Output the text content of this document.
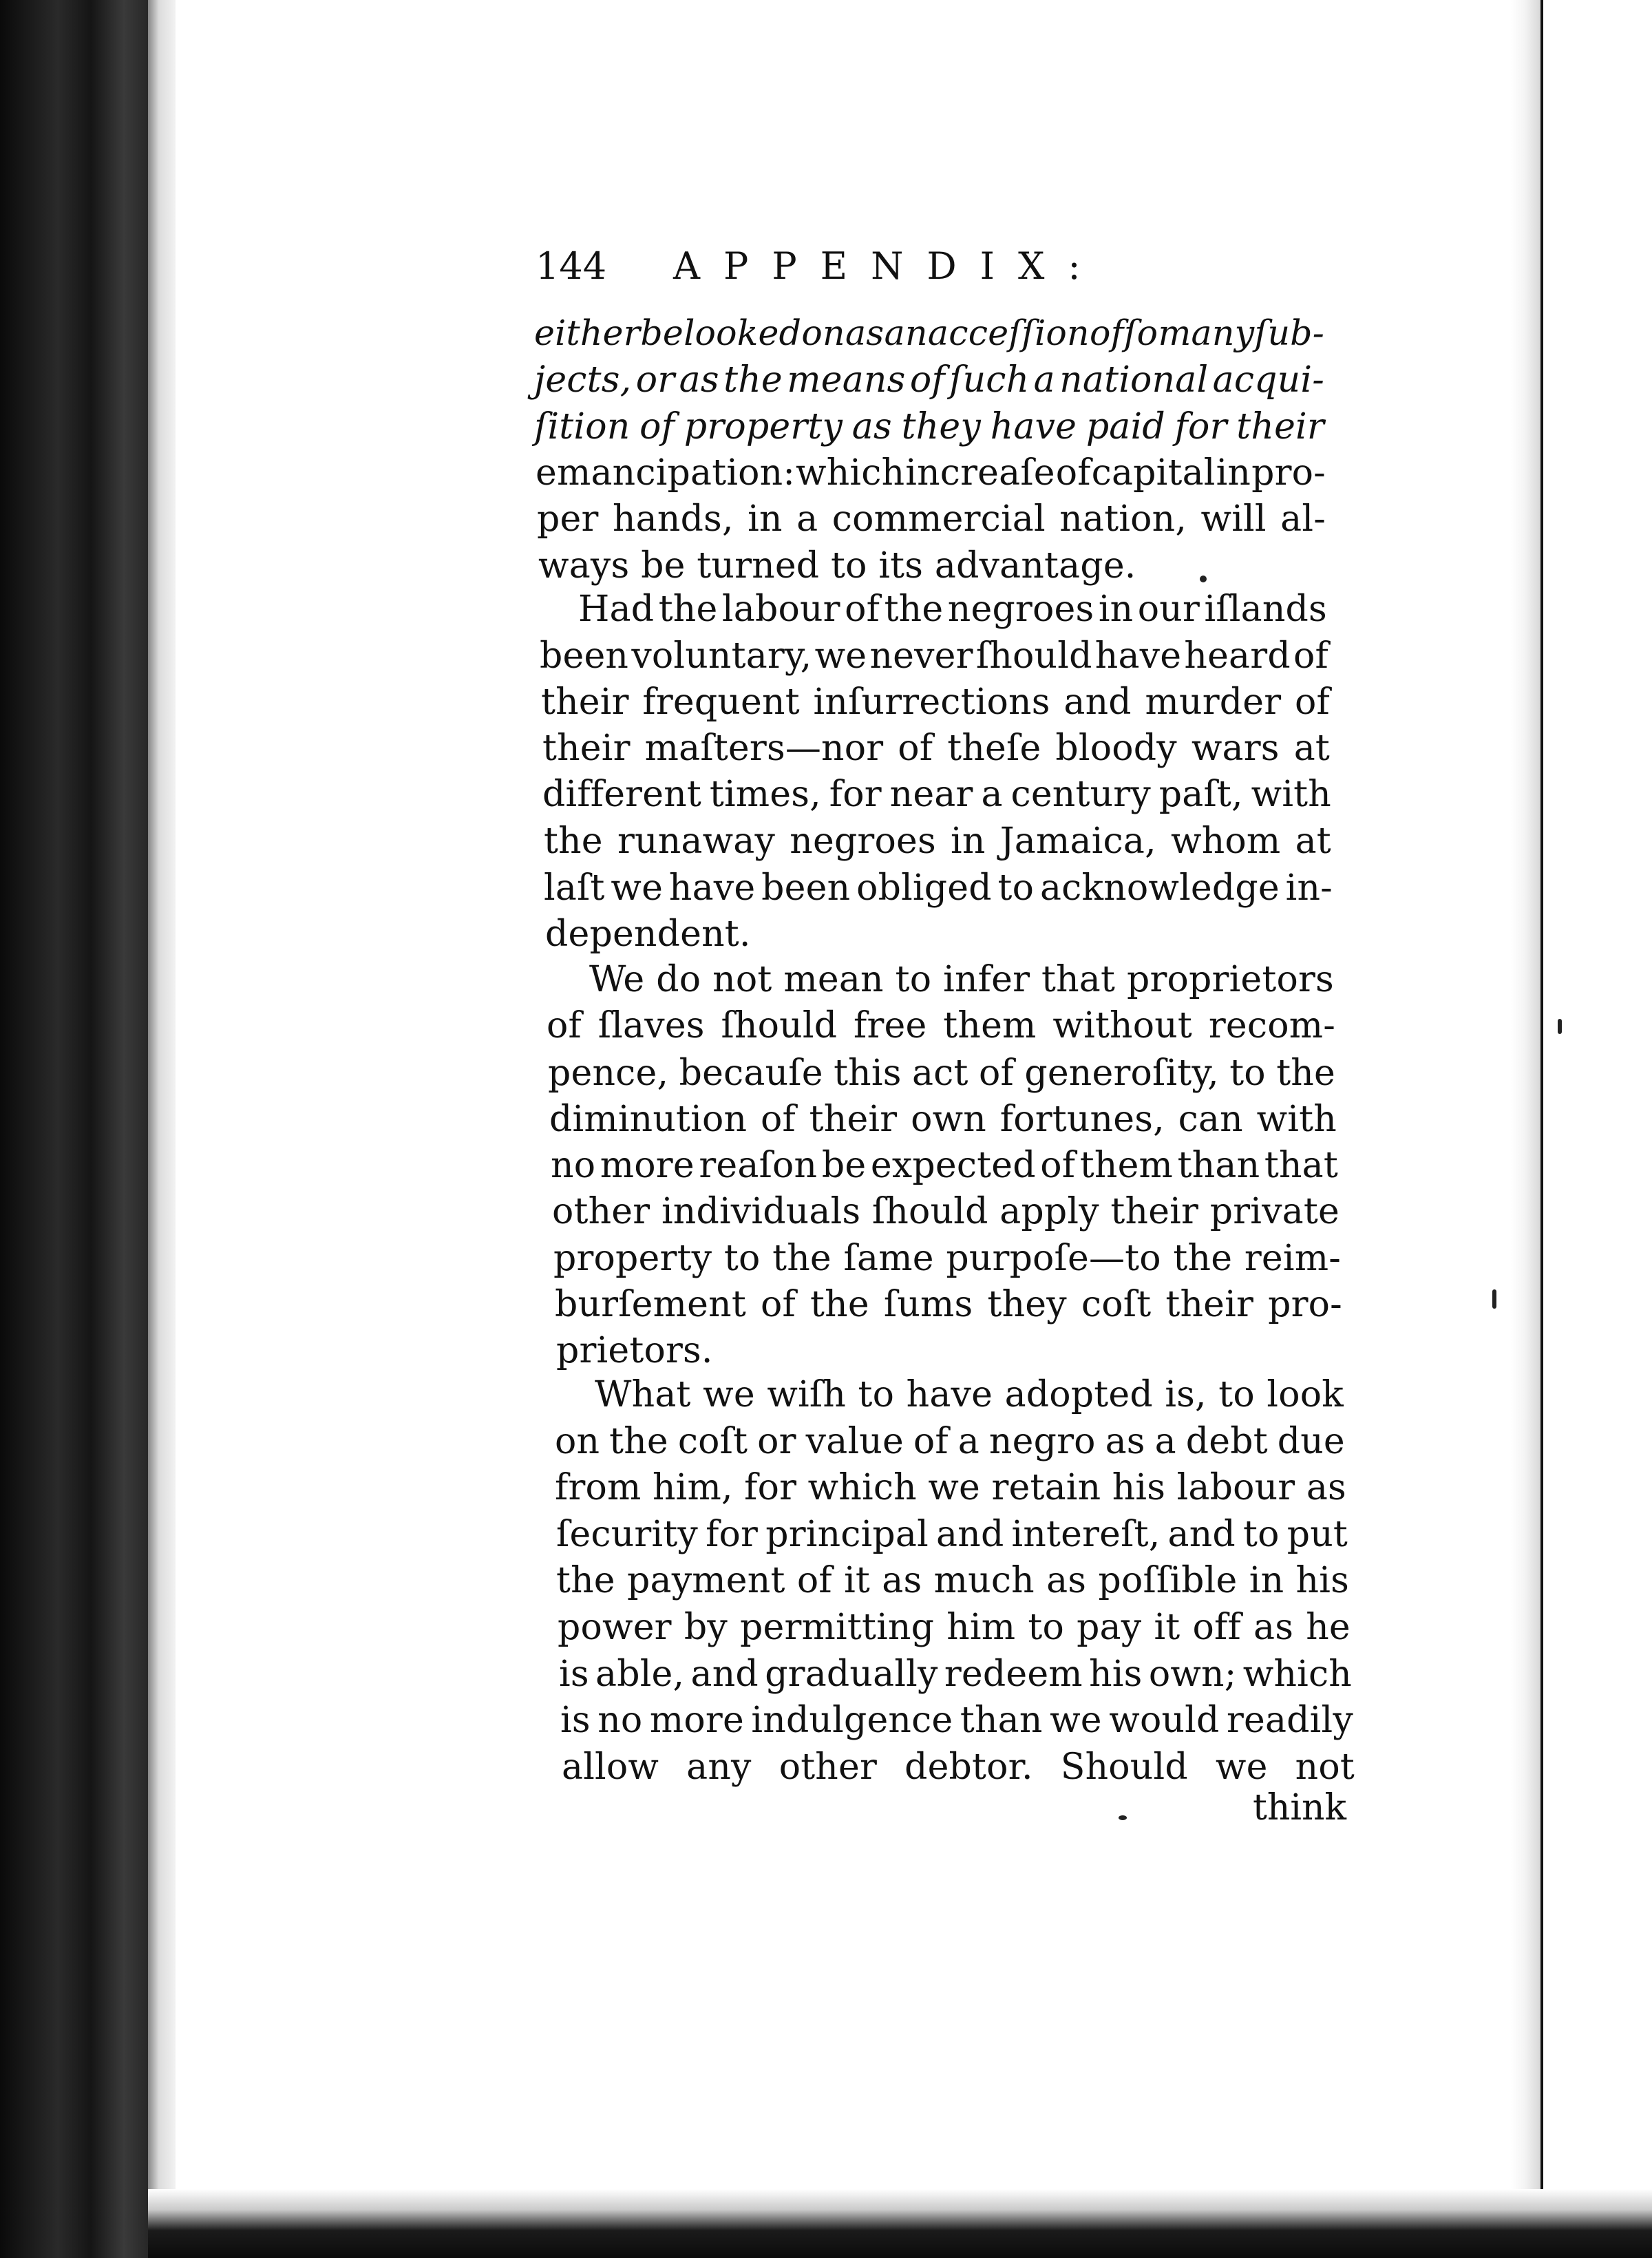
144 APPENDIX:
either be looked on as an acceſſion of ſo many ſub-
jects, or as the means of ſuch a national acqui-
ſition of property as they have paid for their
emancipation: which increaſe of capital in pro-
per hands, in a commercial nation, will al-
ways be turned to its advantage.
Had the labour of the negroes in our iſlands
been voluntary, we never ſhould have heard of
their frequent inſurrections and murder of
their maſters—nor of theſe bloody wars at
different times, for near a century paſt, with
the runaway negroes in Jamaica, whom at
laſt we have been obliged to acknowledge in-
dependent.
We do not mean to infer that proprietors
of ſlaves ſhould free them without recom-
pence, becauſe this act of generoſity, to the
diminution of their own fortunes, can with
no more reaſon be expected of them than that
other individuals ſhould apply their private
property to the ſame purpoſe—to the reim-
burſement of the ſums they coſt their pro-
prietors.
What we wiſh to have adopted is, to look
on the coſt or value of a negro as a debt due
from him, for which we retain his labour as
ſecurity for principal and intereſt, and to put
the payment of it as much as poſſible in his
power by permitting him to pay it off as he
is able, and gradually redeem his own; which
is no more indulgence than we would readily
allow any other debtor. Should we not
think
